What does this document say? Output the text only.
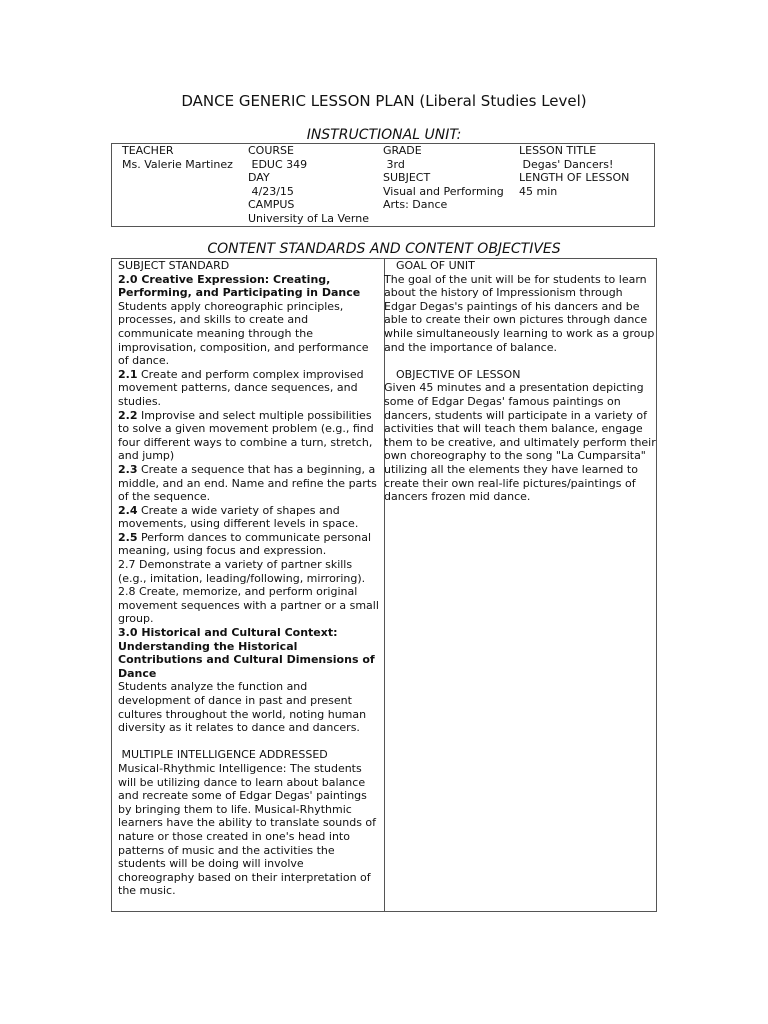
DANCE GENERIC LESSON PLAN (Liberal Studies Level)
INSTRUCTIONAL UNIT:

TEACHER

Ms. Valerie Martinez

COURSE

EDUC 349

DAY

4/23/15

CAMPUS

University of La Verne

GRADE

3rd

SUBJECT

Visual and Performing

Arts: Dance

LESSON TITLE

Degas' Dancers!

LENGTH OF LESSON

45 min

CONTENT STANDARDS AND CONTENT OBJECTIVES

SUBJECT STANDARD

2.0 Creative Expression: Creating, Performing, and Participating in Dance

Students apply choreographic principles, processes, and skills to create and communicate meaning through the improvisation, composition, and performance of dance.

2.1 Create and perform complex improvised movement patterns, dance sequences, and studies.

2.2 Improvise and select multiple possibilities to solve a given movement problem (e.g., find four different ways to combine a turn, stretch, and jump)

2.3 Create a sequence that has a beginning, a middle, and an end. Name and refine the parts of the sequence.

2.4 Create a wide variety of shapes and movements, using different levels in space.

2.5 Perform dances to communicate personal meaning, using focus and expression.

2.7 Demonstrate a variety of partner skills (e.g., imitation, leading/following, mirroring).

2.8 Create, memorize, and perform original movement sequences with a partner or a small group.

3.0 Historical and Cultural Context: Understanding the Historical Contributions and Cultural Dimensions of Dance

Students analyze the function and development of dance in past and present cultures throughout the world, noting human diversity as it relates to dance and dancers.

MULTIPLE INTELLIGENCE ADDRESSED

Musical-Rhythmic Intelligence: The students will be utilizing dance to learn about balance and recreate some of Edgar Degas' paintings by bringing them to life. Musical-Rhythmic learners have the ability to translate sounds of nature or those created in one's head into patterns of music and the activities the students will be doing will involve choreography based on their interpretation of the music.

GOAL OF UNIT

The goal of the unit will be for students to learn about the history of Impressionism through Edgar Degas's paintings of his dancers and be able to create their own pictures through dance while simultaneously learning to work as a group and the importance of balance.

OBJECTIVE OF LESSON

Given 45 minutes and a presentation depicting some of Edgar Degas' famous paintings on dancers, students will participate in a variety of activities that will teach them balance, engage them to be creative, and ultimately perform their own choreography to the song "La Cumparsita" utilizing all the elements they have learned to create their own real-life pictures/paintings of dancers frozen mid dance.
